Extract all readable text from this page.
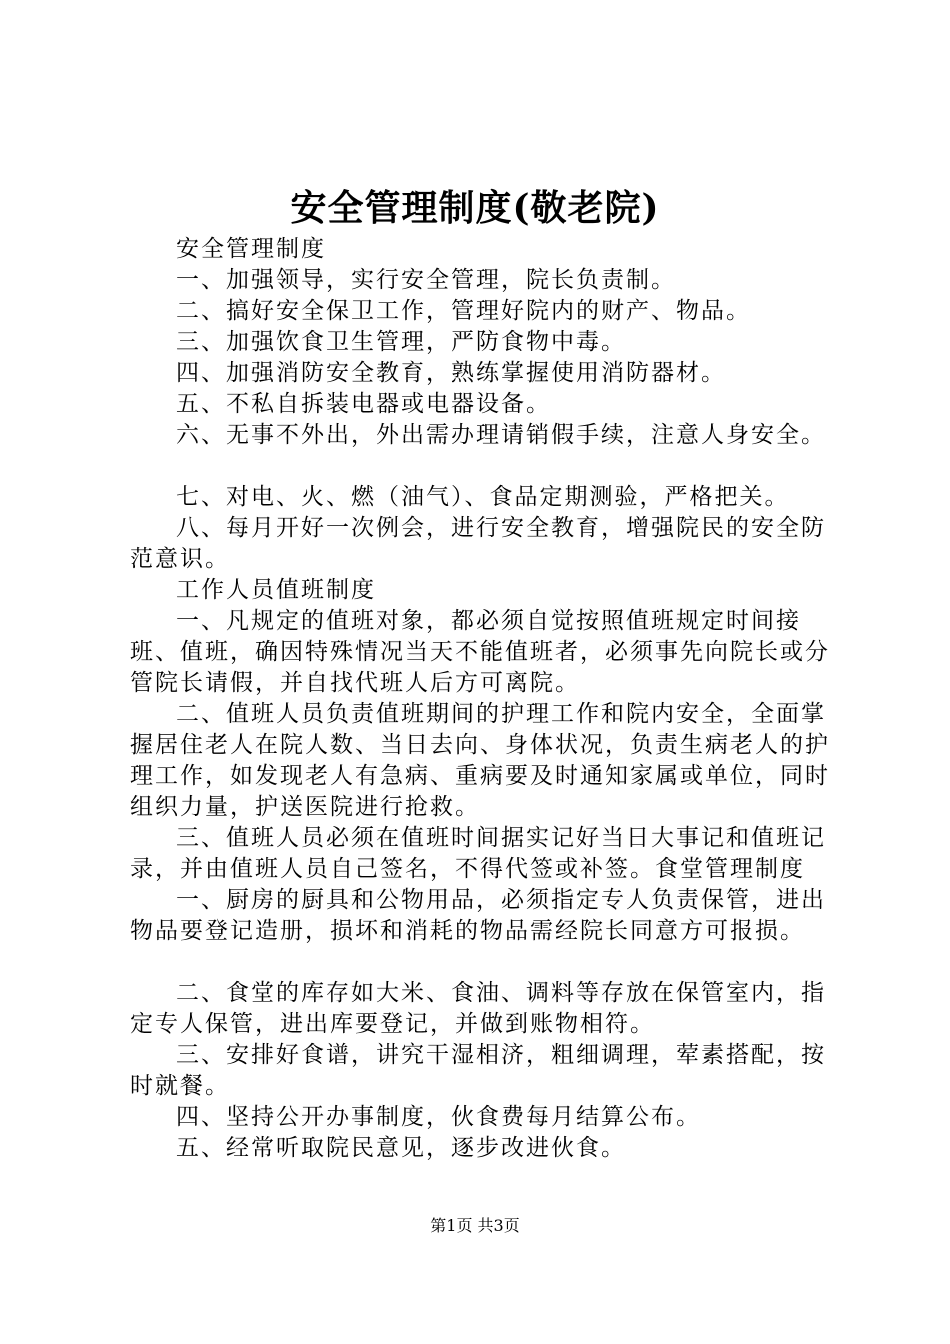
安全管理制度(敬老院)

安全管理制度

一、加强领导，实行安全管理，院长负责制。

二、搞好安全保卫工作，管理好院内的财产、物品。

三、加强饮食卫生管理，严防食物中毒。

四、加强消防安全教育，熟练掌握使用消防器材。

五、不私自拆装电器或电器设备。

六、无事不外出，外出需办理请销假手续，注意人身安全。

七、对电、火、燃（油气）、食品定期测验，严格把关。

八、每月开好一次例会，进行安全教育，增强院民的安全防范意识。

工作人员值班制度

一、凡规定的值班对象，都必须自觉按照值班规定时间接班、值班，确因特殊情况当天不能值班者，必须事先向院长或分管院长请假，并自找代班人后方可离院。

二、值班人员负责值班期间的护理工作和院内安全，全面掌握居住老人在院人数、当日去向、身体状况，负责生病老人的护理工作，如发现老人有急病、重病要及时通知家属或单位，同时组织力量，护送医院进行抢救。

三、值班人员必须在值班时间据实记好当日大事记和值班记录，并由值班人员自己签名，不得代签或补签。食堂管理制度

一、厨房的厨具和公物用品，必须指定专人负责保管，进出物品要登记造册，损坏和消耗的物品需经院长同意方可报损。

二、食堂的库存如大米、食油、调料等存放在保管室内，指定专人保管，进出库要登记，并做到账物相符。

三、安排好食谱，讲究干湿相济，粗细调理，荤素搭配，按时就餐。

四、坚持公开办事制度，伙食费每月结算公布。

五、经常听取院民意见，逐步改进伙食。

第1页 共3页
